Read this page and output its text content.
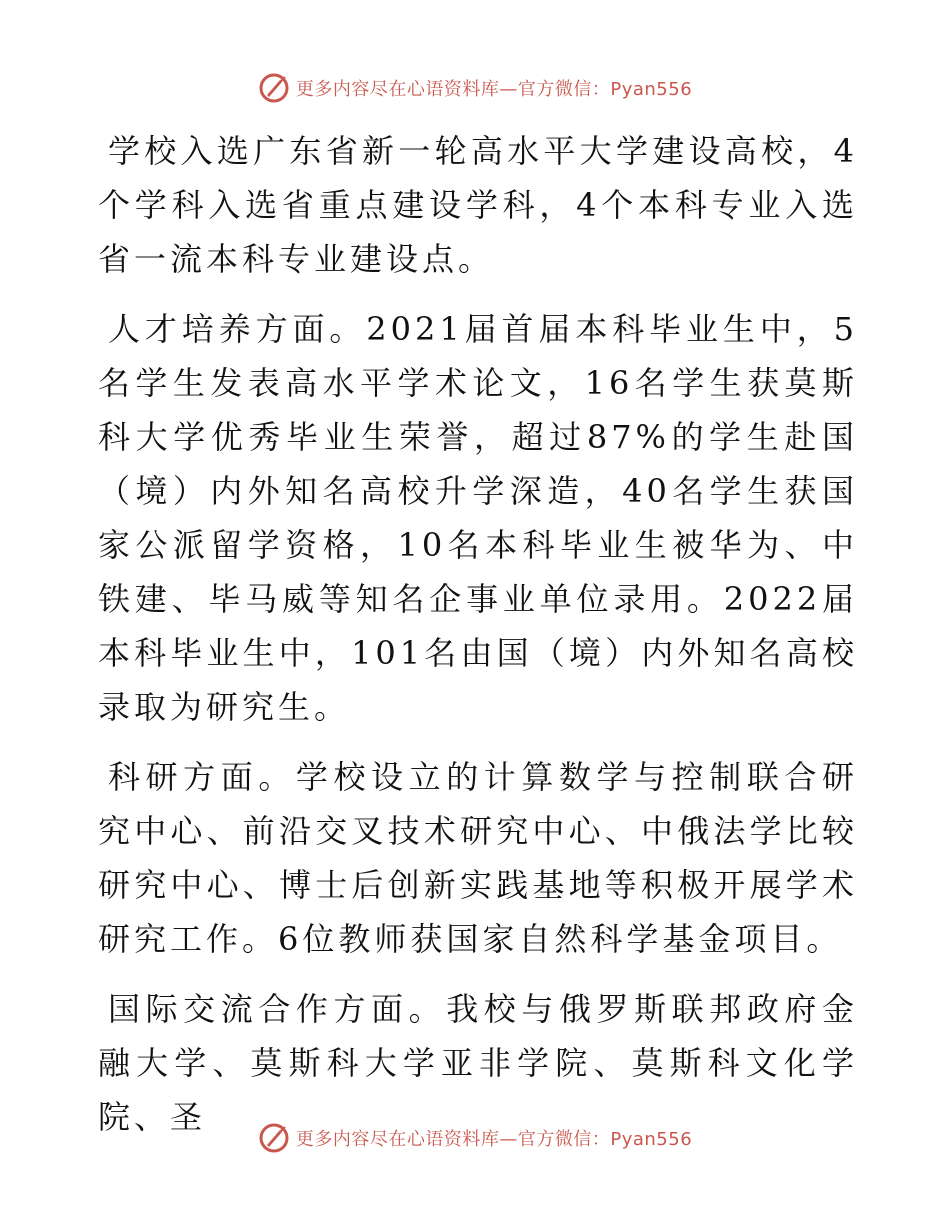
更多内容尽在心语资料库—官方微信：Pyan556

学校入选广东省新一轮高水平大学建设高校，4个学科入选省重点建设学科，4个本科专业入选省一流本科专业建设点。

人才培养方面。2021届首届本科毕业生中，5名学生发表高水平学术论文，16名学生获莫斯科大学优秀毕业生荣誉，超过87%的学生赴国（境）内外知名高校升学深造，40名学生获国家公派留学资格，10名本科毕业生被华为、中铁建、毕马威等知名企事业单位录用。2022届本科毕业生中，101名由国（境）内外知名高校录取为研究生。

科研方面。学校设立的计算数学与控制联合研究中心、前沿交叉技术研究中心、中俄法学比较研究中心、博士后创新实践基地等积极开展学术研究工作。6位教师获国家自然科学基金项目。

国际交流合作方面。我校与俄罗斯联邦政府金融大学、莫斯科大学亚非学院、莫斯科文化学院、圣

更多内容尽在心语资料库—官方微信：Pyan556
